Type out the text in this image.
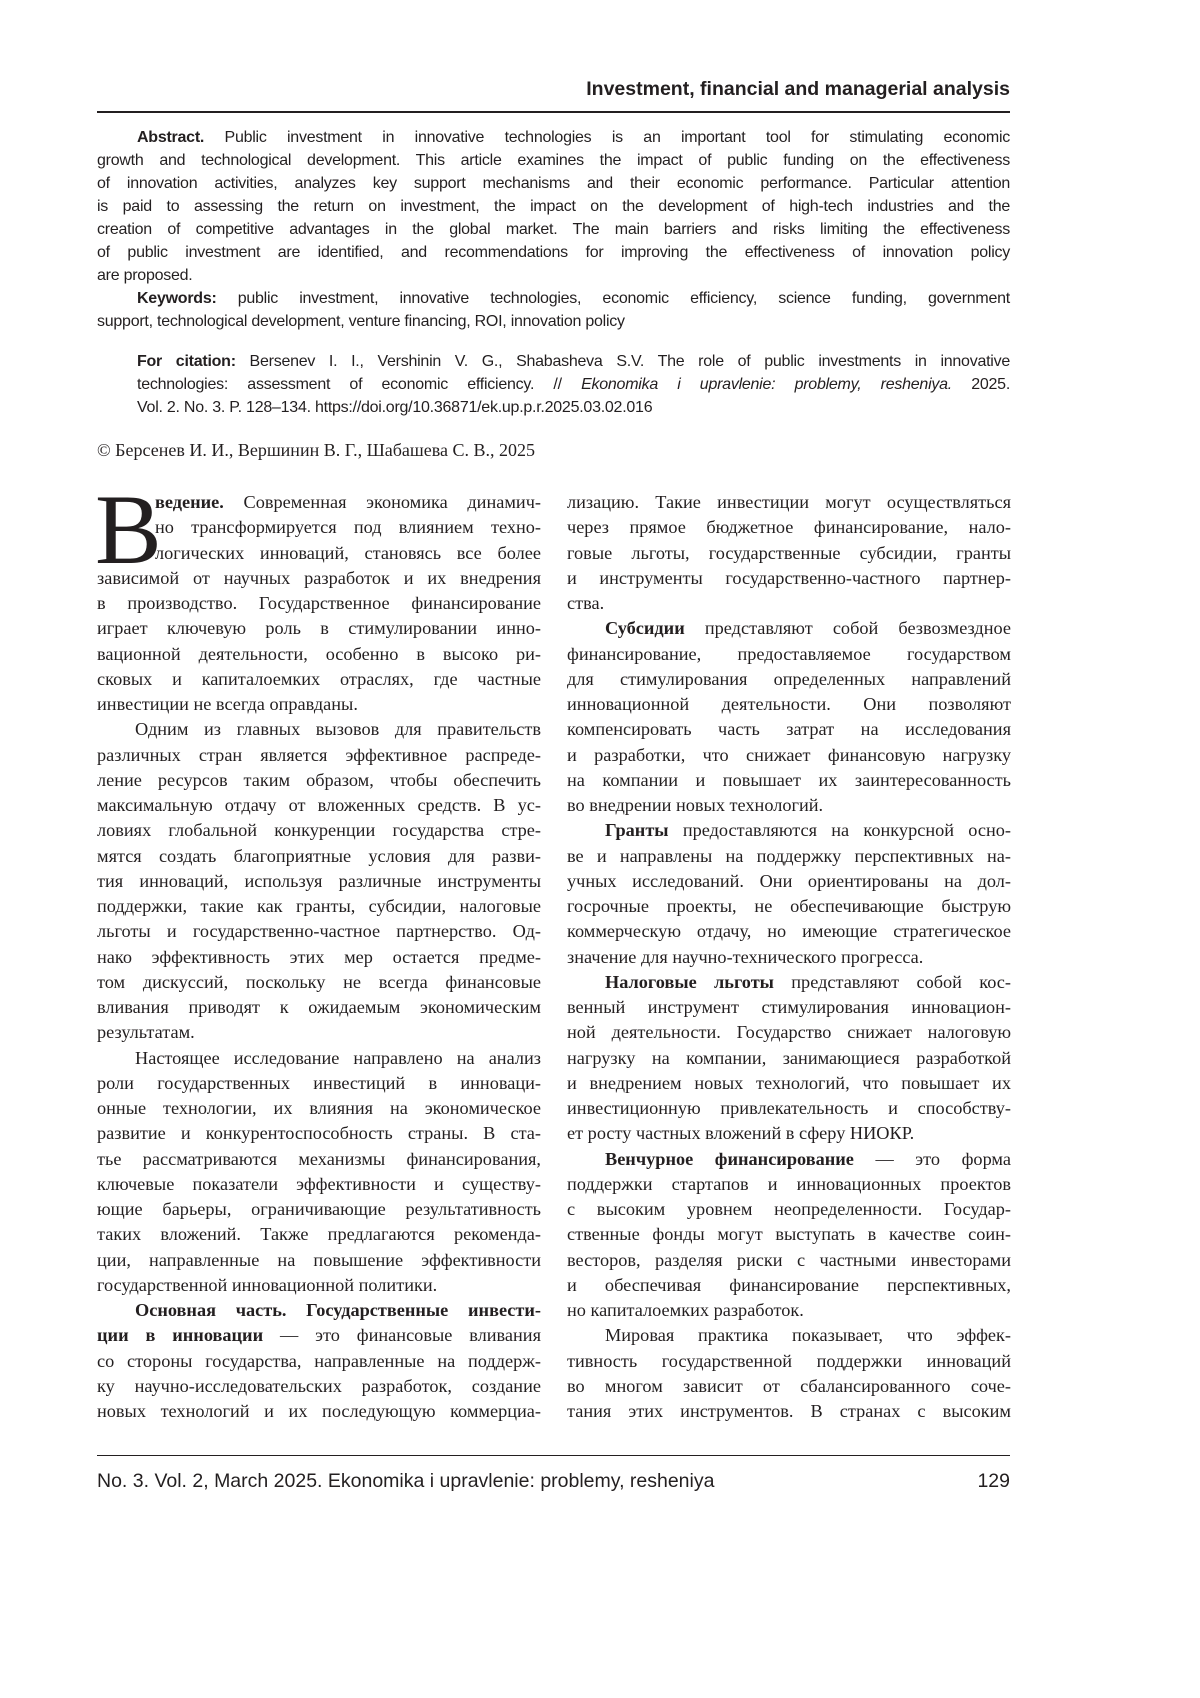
Investment, financial and managerial analysis
Abstract. Public investment in innovative technologies is an important tool for stimulating economic
growth and technological development. This article examines the impact of public funding on the effectiveness
of innovation activities, analyzes key support mechanisms and their economic performance. Particular attention
is paid to assessing the return on investment, the impact on the development of high-tech industries and the
creation of competitive advantages in the global market. The main barriers and risks limiting the effectiveness
of public investment are identified, and recommendations for improving the effectiveness of innovation policy
are proposed.
Keywords: public investment, innovative technologies, economic efficiency, science funding, government
support, technological development, venture financing, ROI, innovation policy
For citation: Bersenev I. I., Vershinin V. G., Shabasheva S.V. The role of public investments in innovative
technologies: assessment of economic efficiency. // Ekonomika i upravlenie: problemy, resheniya. 2025.
Vol. 2. No. 3. P. 128–134. https://doi.org/10.36871/ek.up.p.r.2025.03.02.016
© Берсенев И. И., Вершинин В. Г., Шабашева С. В., 2025
В
ведение. Современная экономика динамич-
но трансформируется под влиянием техно-
логических инноваций, становясь все более
зависимой от научных разработок и их внедрения
в производство. Государственное финансирование
играет ключевую роль в стимулировании инно-
вационной деятельности, особенно в высоко ри-
сковых и капиталоемких отраслях, где частные
инвестиции не всегда оправданы.
Одним из главных вызовов для правительств
различных стран является эффективное распреде-
ление ресурсов таким образом, чтобы обеспечить
максимальную отдачу от вложенных средств. В ус-
ловиях глобальной конкуренции государства стре-
мятся создать благоприятные условия для разви-
тия инноваций, используя различные инструменты
поддержки, такие как гранты, субсидии, налоговые
льготы и государственно-частное партнерство. Од-
нако эффективность этих мер остается предме-
том дискуссий, поскольку не всегда финансовые
вливания приводят к ожидаемым экономическим
результатам.
Настоящее исследование направлено на анализ
роли государственных инвестиций в инноваци-
онные технологии, их влияния на экономическое
развитие и конкурентоспособность страны. В ста-
тье рассматриваются механизмы финансирования,
ключевые показатели эффективности и существу-
ющие барьеры, ограничивающие результативность
таких вложений. Также предлагаются рекоменда-
ции, направленные на повышение эффективности
государственной инновационной политики.
Основная часть. Государственные инвести-
ции в инновации — это финансовые вливания
со стороны государства, направленные на поддерж-
ку научно-исследовательских разработок, создание
новых технологий и их последующую коммерциа-
лизацию. Такие инвестиции могут осуществляться
через прямое бюджетное финансирование, нало-
говые льготы, государственные субсидии, гранты
и инструменты государственно-частного партнер-
ства.
Субсидии представляют собой безвозмездное
финансирование, предоставляемое государством
для стимулирования определенных направлений
инновационной деятельности. Они позволяют
компенсировать часть затрат на исследования
и разработки, что снижает финансовую нагрузку
на компании и повышает их заинтересованность
во внедрении новых технологий.
Гранты предоставляются на конкурсной осно-
ве и направлены на поддержку перспективных на-
учных исследований. Они ориентированы на дол-
госрочные проекты, не обеспечивающие быструю
коммерческую отдачу, но имеющие стратегическое
значение для научно-технического прогресса.
Налоговые льготы представляют собой кос-
венный инструмент стимулирования инновацион-
ной деятельности. Государство снижает налоговую
нагрузку на компании, занимающиеся разработкой
и внедрением новых технологий, что повышает их
инвестиционную привлекательность и способству-
ет росту частных вложений в сферу НИОКР.
Венчурное финансирование — это форма
поддержки стартапов и инновационных проектов
с высоким уровнем неопределенности. Государ-
ственные фонды могут выступать в качестве соин-
весторов, разделяя риски с частными инвесторами
и обеспечивая финансирование перспективных,
но капиталоемких разработок.
Мировая практика показывает, что эффек-
тивность государственной поддержки инноваций
во многом зависит от сбалансированного соче-
тания этих инструментов. В странах с высоким
No. 3. Vol. 2, March 2025. Ekonomika i upravlenie: problemy, resheniya	129
